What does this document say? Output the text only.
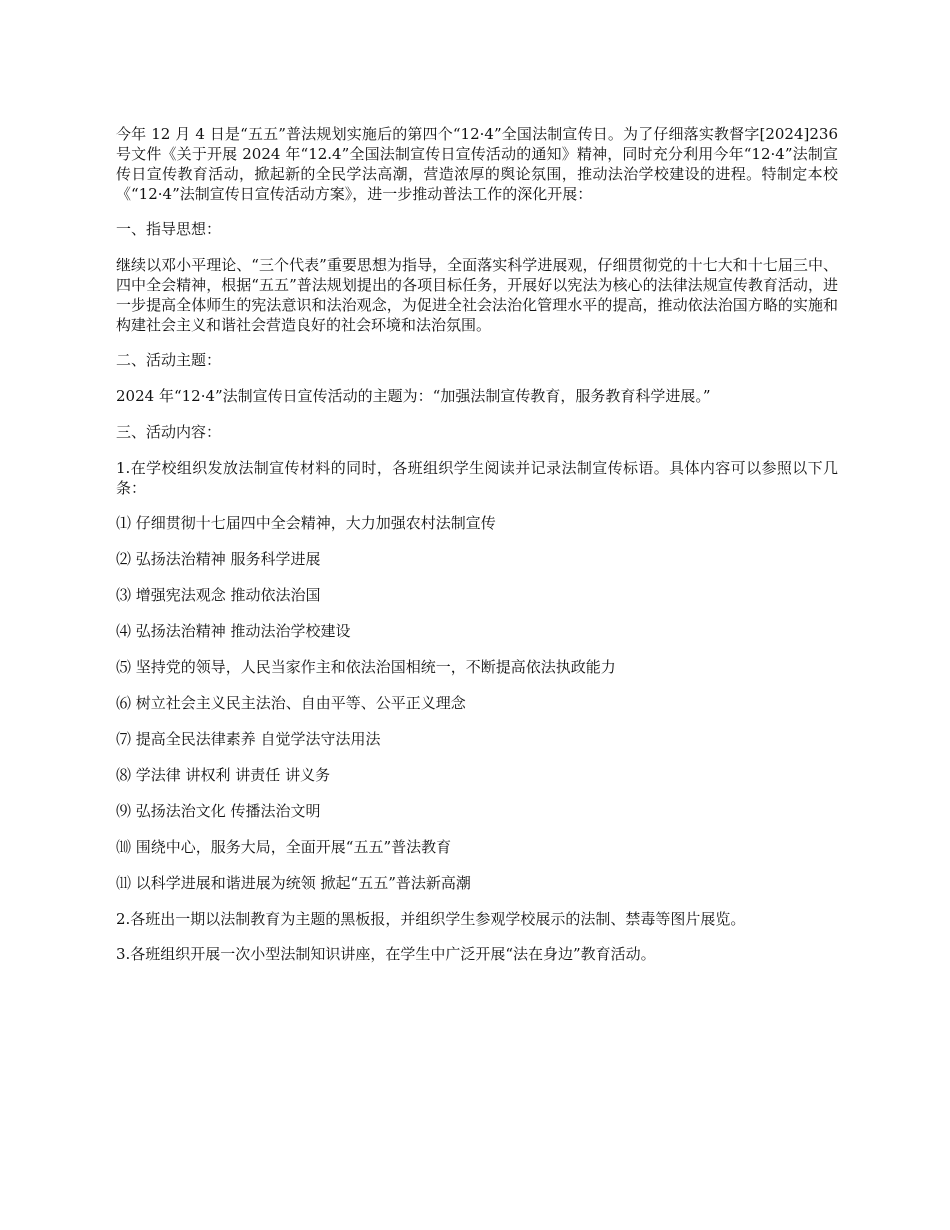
今年 12 月 4 日是“五五”普法规划实施后的第四个“12·4”全国法制宣传日。为了仔细落实教督字[2024]236 号文件《关于开展 2024 年“12.4”全国法制宣传日宣传活动的通知》精神，同时充分利用今年“12·4”法制宣传日宣传教育活动，掀起新的全民学法高潮，营造浓厚的舆论氛围，推动法治学校建设的进程。特制定本校《“12·4”法制宣传日宣传活动方案》，进一步推动普法工作的深化开展：

一、指导思想：

继续以邓小平理论、“三个代表”重要思想为指导，全面落实科学进展观，仔细贯彻党的十七大和十七届三中、四中全会精神，根据“五五”普法规划提出的各项目标任务，开展好以宪法为核心的法律法规宣传教育活动，进一步提高全体师生的宪法意识和法治观念，为促进全社会法治化管理水平的提高，推动依法治国方略的实施和构建社会主义和谐社会营造良好的社会环境和法治氛围。

二、活动主题：

2024 年“12·4”法制宣传日宣传活动的主题为：“加强法制宣传教育，服务教育科学进展。”

三、活动内容：

1.在学校组织发放法制宣传材料的同时，各班组织学生阅读并记录法制宣传标语。具体内容可以参照以下几条：

⑴ 仔细贯彻十七届四中全会精神，大力加强农村法制宣传

⑵ 弘扬法治精神 服务科学进展

⑶ 增强宪法观念 推动依法治国

⑷ 弘扬法治精神 推动法治学校建设

⑸ 坚持党的领导，人民当家作主和依法治国相统一，不断提高依法执政能力

⑹ 树立社会主义民主法治、自由平等、公平正义理念

⑺ 提高全民法律素养 自觉学法守法用法

⑻ 学法律 讲权利 讲责任 讲义务

⑼ 弘扬法治文化 传播法治文明

⑽ 围绕中心，服务大局，全面开展“五五”普法教育

⑾ 以科学进展和谐进展为统领 掀起“五五”普法新高潮

2.各班出一期以法制教育为主题的黑板报，并组织学生参观学校展示的法制、禁毒等图片展览。

3.各班组织开展一次小型法制知识讲座，在学生中广泛开展“法在身边”教育活动。
